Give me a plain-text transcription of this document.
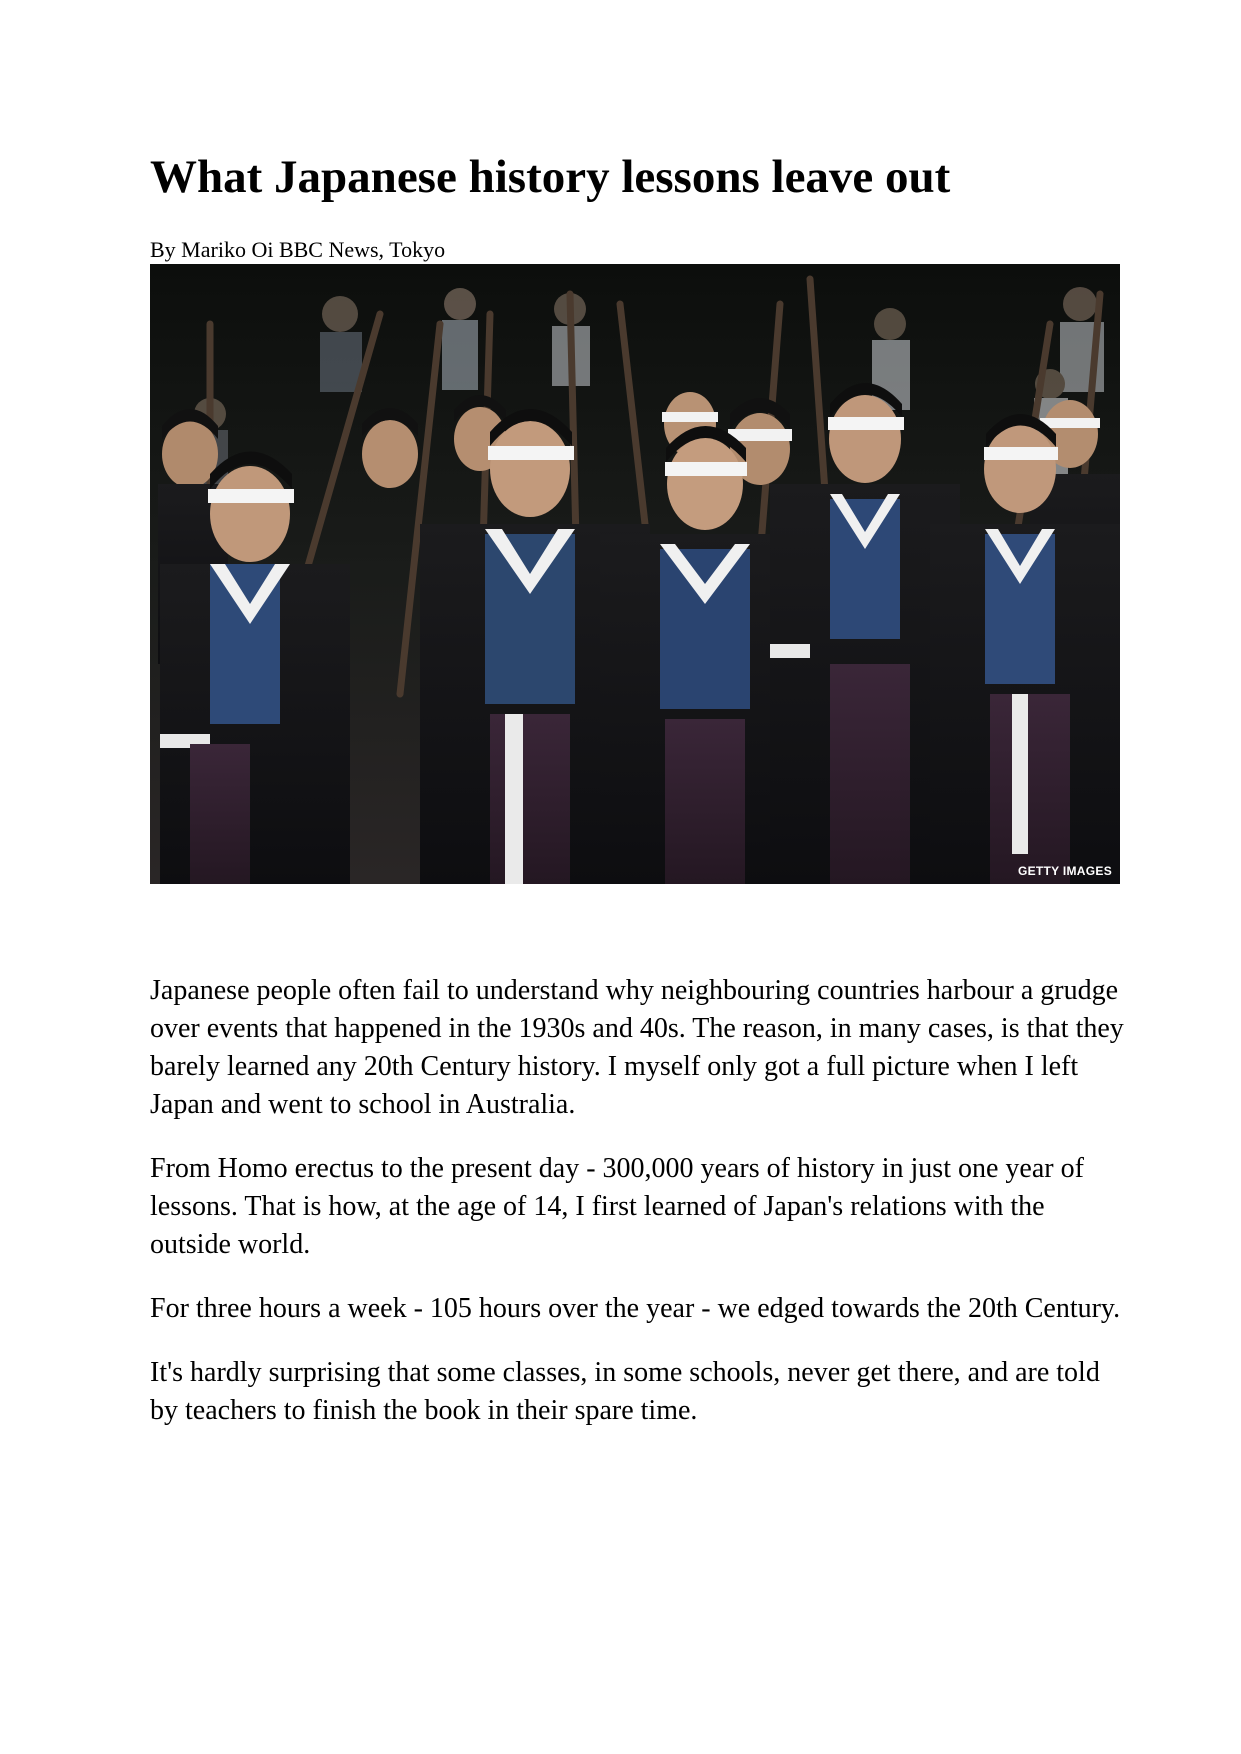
What Japanese history lessons leave out
By Mariko Oi BBC News, Tokyo
GETTY IMAGES

Japanese people often fail to understand why neighbouring countries harbour a grudge over events that happened in the 1930s and 40s. The reason, in many cases, is that they barely learned any 20th Century history. I myself only got a full picture when I left Japan and went to school in Australia.

From Homo erectus to the present day - 300,000 years of history in just one year of lessons. That is how, at the age of 14, I first learned of Japan's relations with the outside world.

For three hours a week - 105 hours over the year - we edged towards the 20th Century.

It's hardly surprising that some classes, in some schools, never get there, and are told by teachers to finish the book in their spare time.
